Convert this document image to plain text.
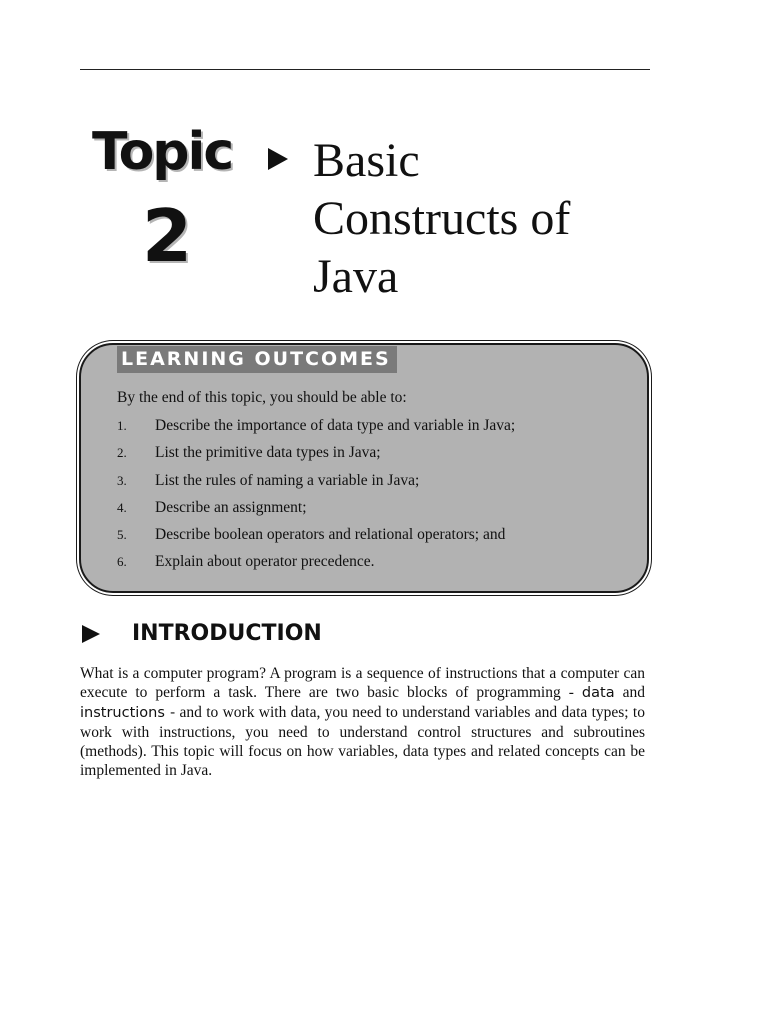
Topic
2
Basic
Constructs of
Java
LEARNING OUTCOMES
By the end of this topic, you should be able to:
1. Describe the importance of data type and variable in Java;
2. List the primitive data types in Java;
3. List the rules of naming a variable in Java;
4. Describe an assignment;
5. Describe boolean operators and relational operators; and
6. Explain about operator precedence.
INTRODUCTION

What is a computer program? A program is a sequence of instructions that a computer can execute to perform a task. There are two basic blocks of programming - data and instructions - and to work with data, you need to understand variables and data types; to work with instructions, you need to understand control structures and subroutines (methods). This topic will focus on how variables, data types and related concepts can be implemented in Java.
